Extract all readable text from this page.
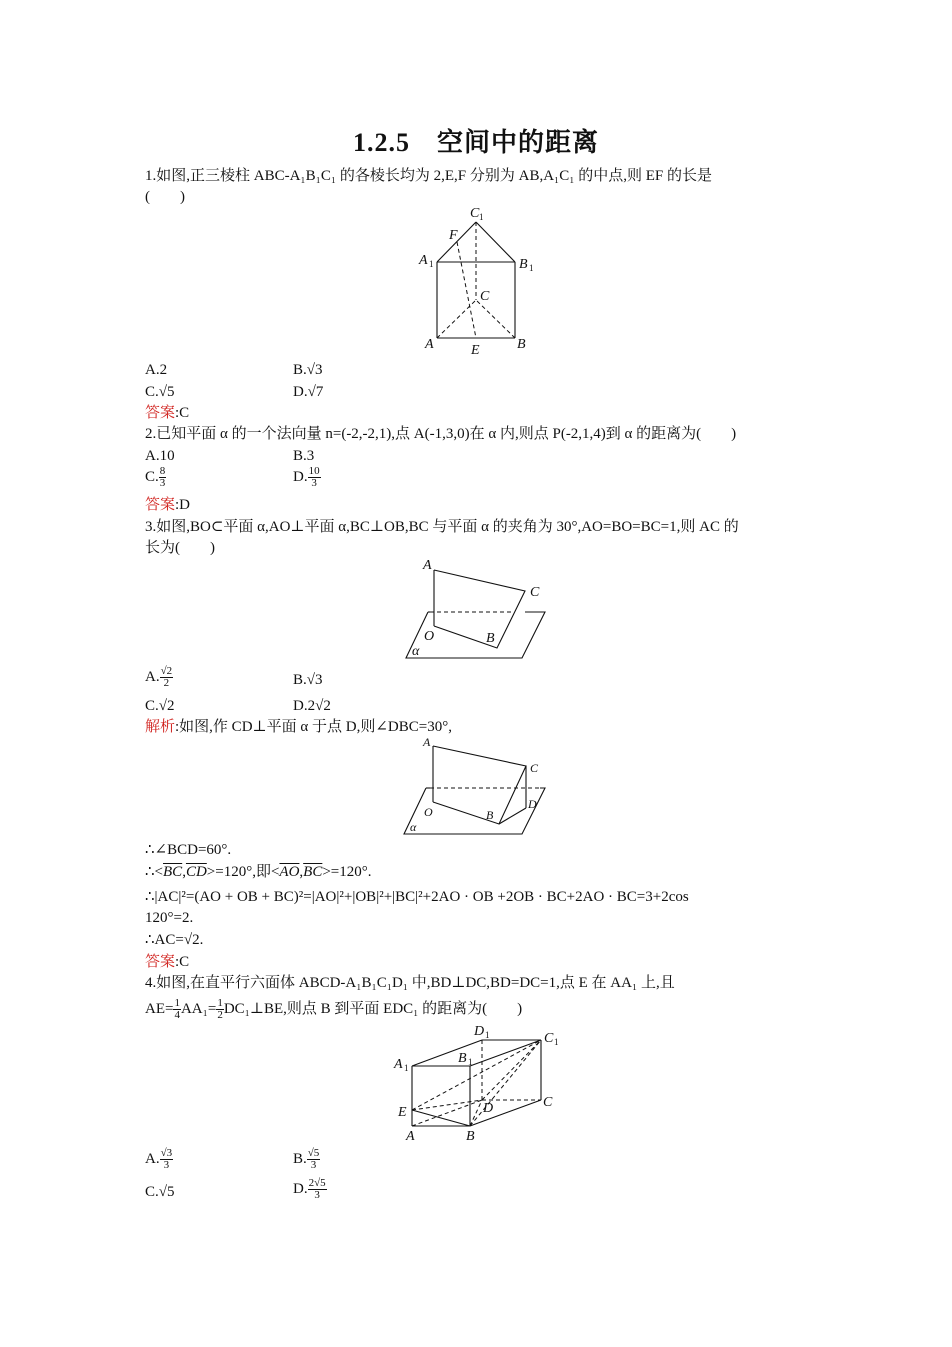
1.2.5　空间中的距离
1.如图,正三棱柱 ABC-A₁B₁C₁ 的各棱长均为 2,E,F 分别为 AB,A₁C₁ 的中点,则 EF 的长是
(　　)
C 1
F
A 1	B 1
C
A	E	B
A.2	B.√3
C.√5	D.√7
答案:C
2.已知平面 α 的一个法向量 n=(-2,-2,1),点 A(-1,3,0)在 α 内,则点 P(-2,1,4)到 α 的距离为(　　)
A.10	B.3
C. $\frac{8}{3}$	D. $\frac{10}{3}$
答案:D
3.如图,BO⊂平面 α,AO⊥平面 α,BC⊥OB,BC 与平面 α 的夹角为 30°,AO=BO=BC=1,则 AC 的
长为(　　)
A
C
O	B
α
A. $\frac{√2}{2}$	B.√3
C.√2	D.2√2
解析:如图,作 CD⊥平面 α 于点 D,则∠DBC=30°,
A
C
O	B
D
α
∴∠BCD=60°.
$\therefore<\overline{BC},\overline{CD}>=120^\circ$,即$<\overline{AO},\overline{BC}>=120^\circ$.
∴|AC|²=(AO + OB + BC)²=|AO|²+|OB|²+|BC|²+2AO · OB +2OB · BC+2AO · BC=3+2cos
120°=2.
∴AC=√2.
答案:C
4.如图,在直平行六面体 ABCD-A₁B₁C₁D₁ 中,BD⊥DC,BD=DC=1,点 E 在 AA₁ 上,且
$AE= \frac{1}{4} AA_1= \frac{1}{2}$ DC₁⊥BE,则点 B 到平面 EDC₁ 的距离为(　　)
D 1	C 1
A 1
B 1
E	D	C
A	B
A. $\frac{√3}{3}$	B. $\frac{√5}{3}$
C.√5	D. $\frac{2√5}{3}$
